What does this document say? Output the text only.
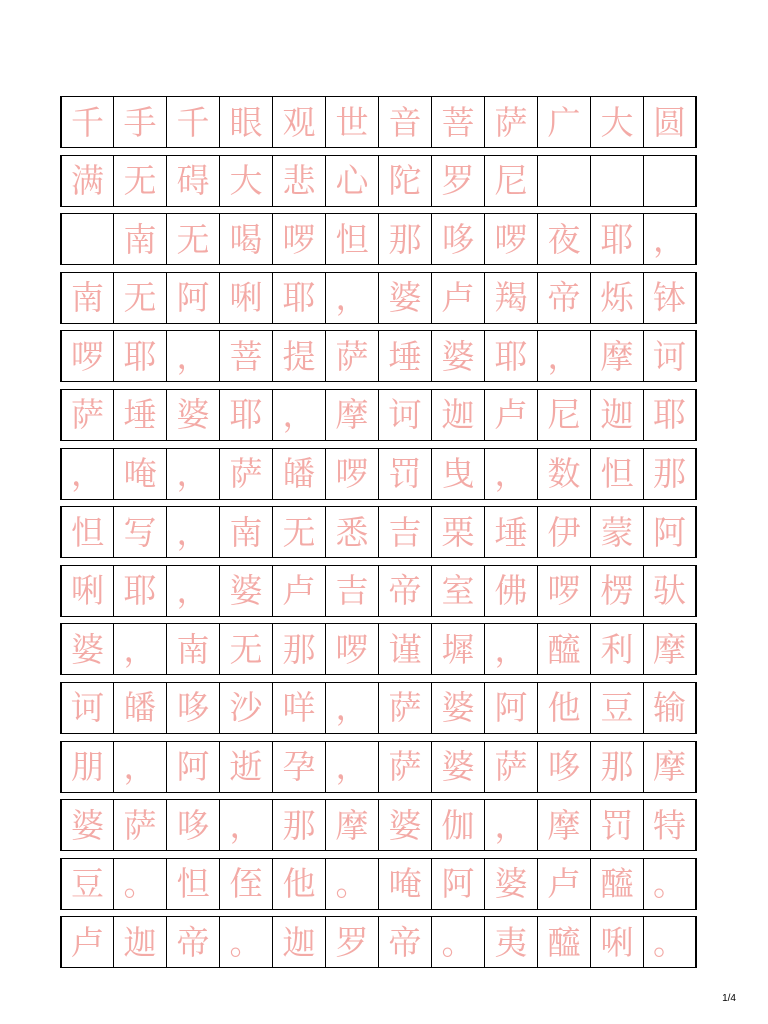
千 手 千 眼 观 世 音 菩 萨 广 大 圆
满 无 碍 大 悲 心 陀 罗 尼
南 无 喝 啰 怛 那 哆 啰 夜 耶 ，
南 无 阿 唎 耶 ， 婆 卢 羯 帝 烁 钵
啰 耶 ， 菩 提 萨 埵 婆 耶 ， 摩 诃
萨 埵 婆 耶 ， 摩 诃 迦 卢 尼 迦 耶
， 唵 ， 萨 皤 啰 罚 曳 ， 数 怛 那
怛 写 ， 南 无 悉 吉 栗 埵 伊 蒙 阿
唎 耶 ， 婆 卢 吉 帝 室 佛 啰 楞 驮
婆 ， 南 无 那 啰 谨 墀 ， 醯 利 摩
诃 皤 哆 沙 咩 ， 萨 婆 阿 他 豆 输
朋 ， 阿 逝 孕 ， 萨 婆 萨 哆 那 摩
婆 萨 哆 ， 那 摩 婆 伽 ， 摩 罚 特
豆 。 怛 侄 他 。 唵 阿 婆 卢 醯 。
卢 迦 帝 。 迦 罗 帝 。 夷 醯 唎 。
1/4
